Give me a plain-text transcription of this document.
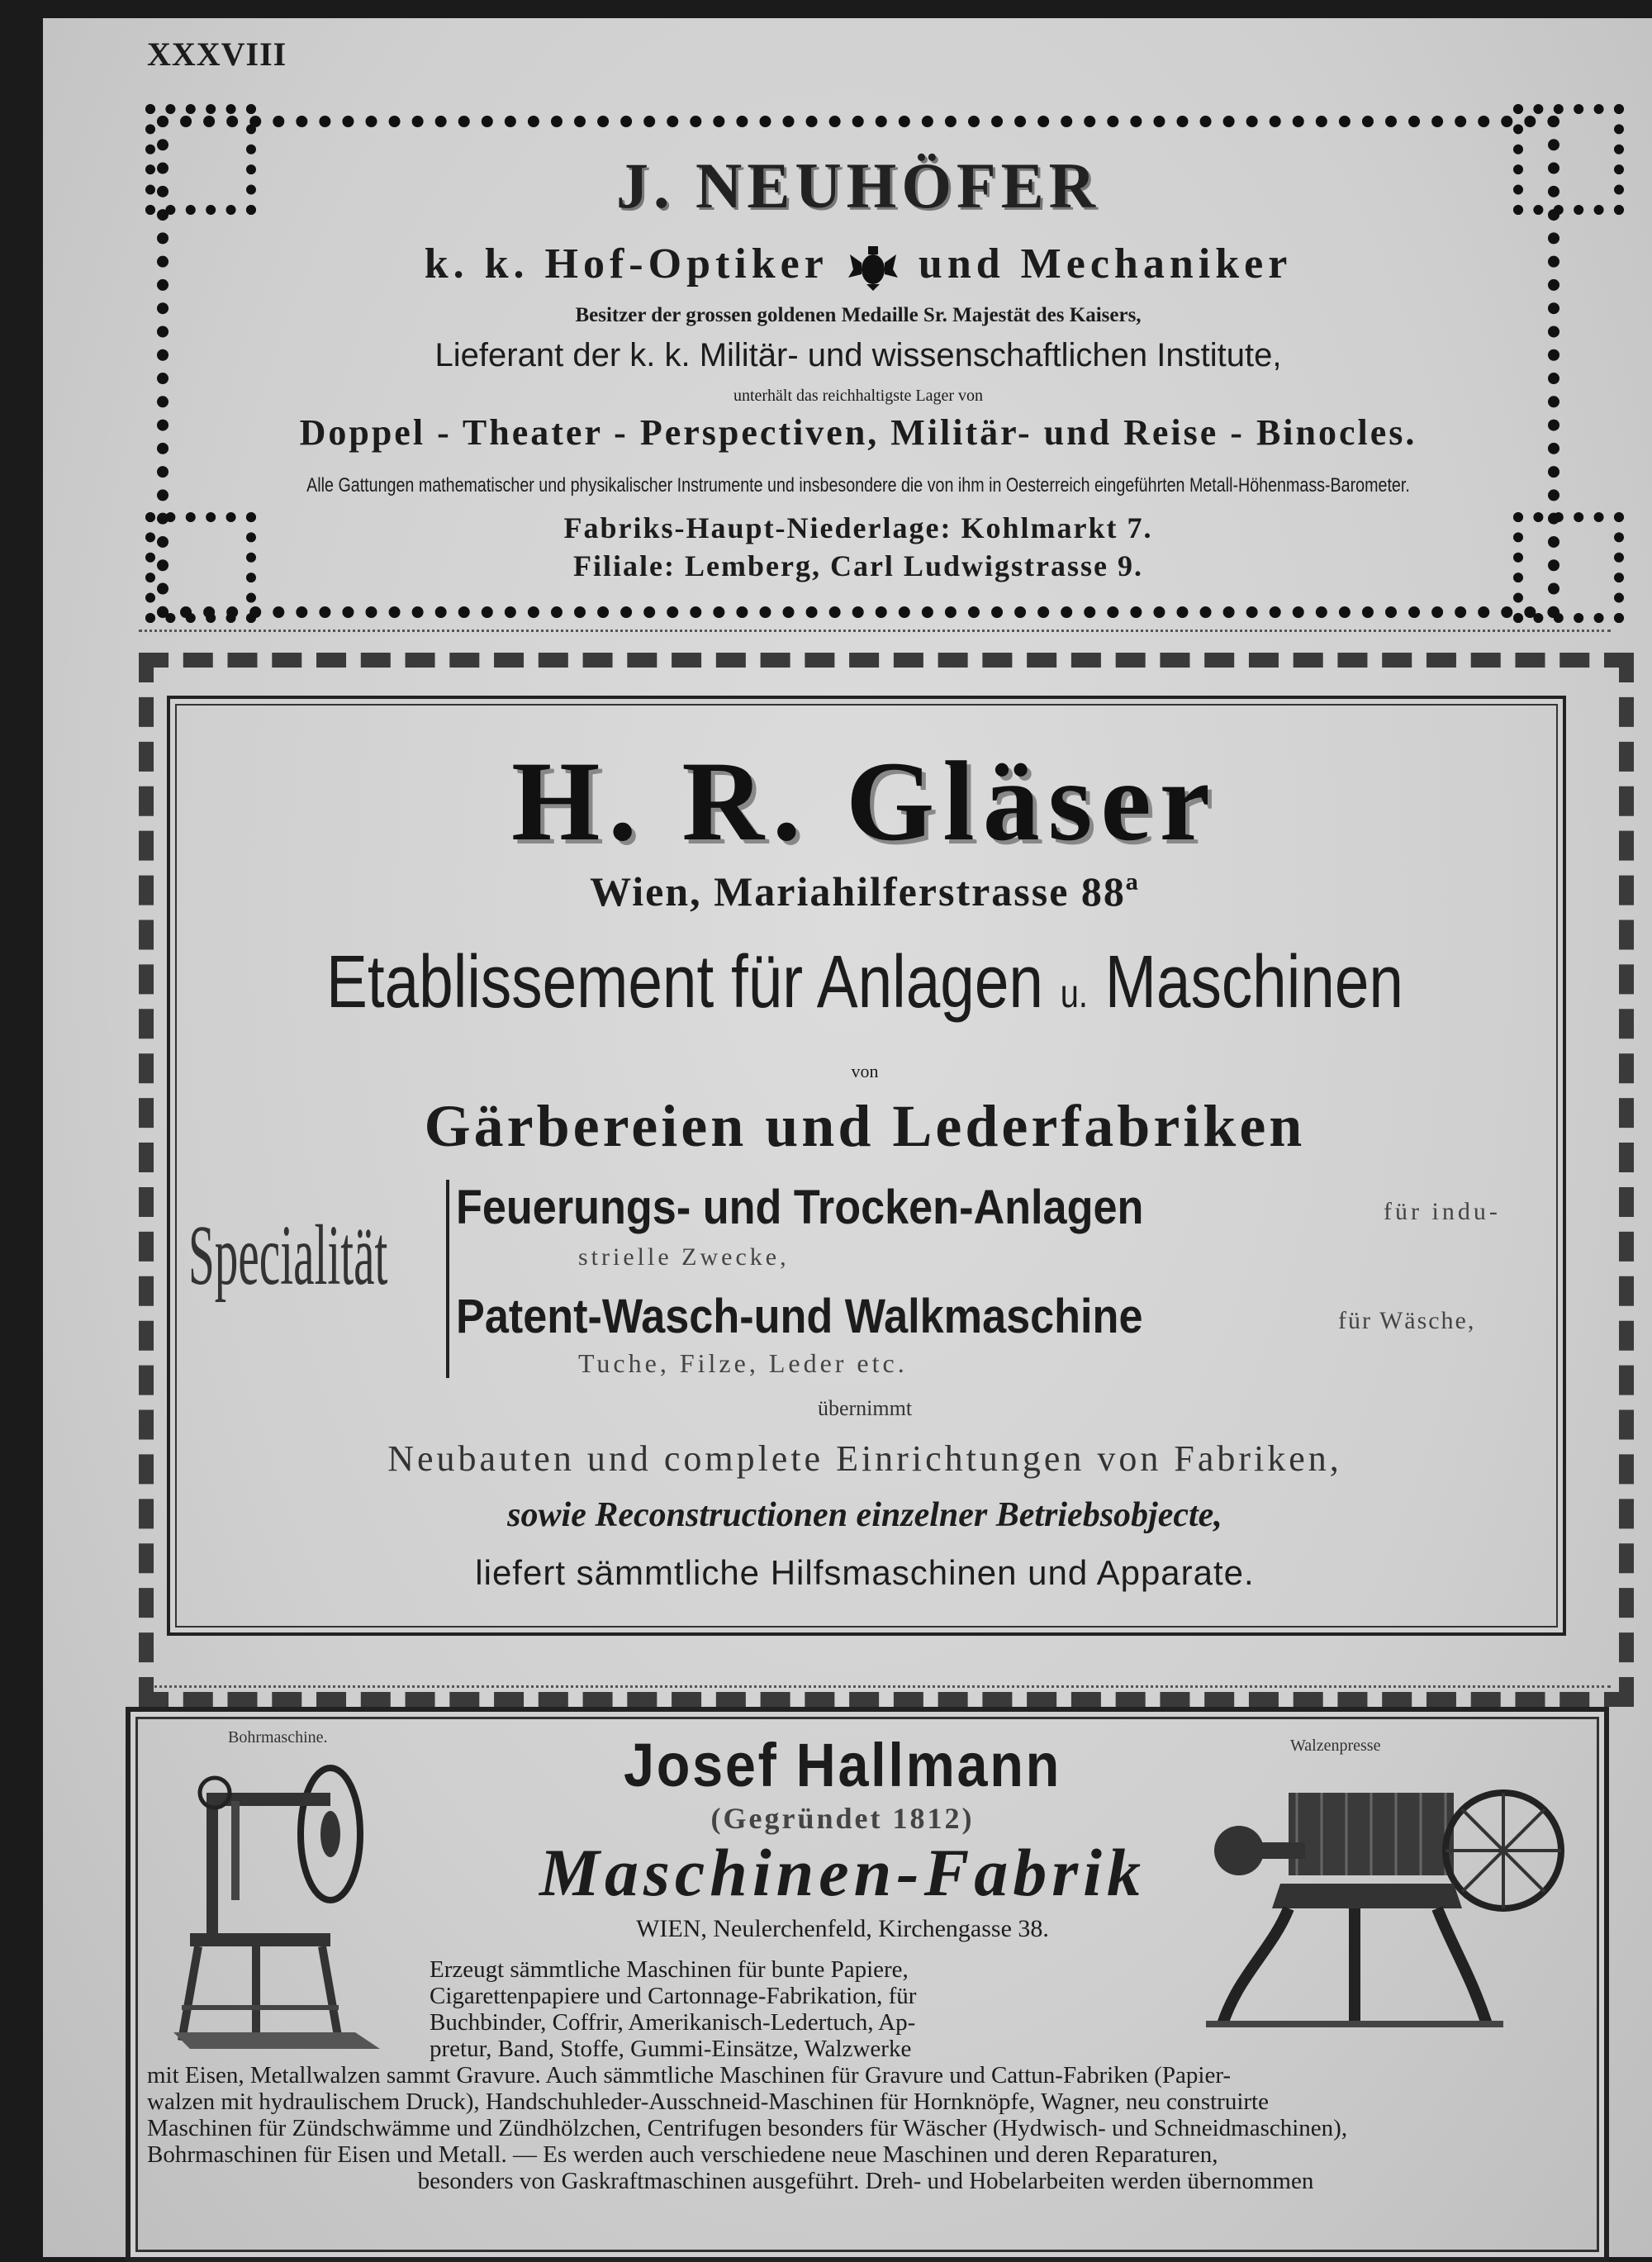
XXXVIII
J. NEUHÖFER
k. k. Hof-Optiker und Mechaniker
Besitzer der grossen goldenen Medaille Sr. Majestät des Kaisers,
Lieferant der k. k. Militär- und wissenschaftlichen Institute,
unterhält das reichhaltigste Lager von
Doppel - Theater - Perspectiven, Militär- und Reise - Binocles.
Alle Gattungen mathematischer und physikalischer Instrumente und insbesondere die von ihm in Oesterreich eingeführten Metall-Höhenmass-Barometer.
Fabriks-Haupt-Niederlage: Kohlmarkt 7.
Filiale: Lemberg, Carl Ludwigstrasse 9.
H. R. Gläser
Wien, Mariahilferstrasse 88ª
Etablissement für Anlagen u. Maschinen
von
Gärbereien und Lederfabriken
Specialität
Feuerungs- und Trocken-Anlagen	für indu-
strielle Zwecke,
Patent-Wasch-und Walkmaschine	für Wäsche,
Tuche, Filze, Leder etc.
übernimmt
Neubauten und complete Einrichtungen von Fabriken,
sowie Reconstructionen einzelner Betriebsobjecte,
liefert sämmtliche Hilfsmaschinen und Apparate.
Bohrmaschine.	Walzenpresse
Josef Hallmann
(Gegründet 1812)
Maschinen-Fabrik
WIEN, Neulerchenfeld, Kirchengasse 38.
Erzeugt sämmtliche Maschinen für bunte Papiere,
Cigarettenpapiere und Cartonnage-Fabrikation, für
Buchbinder, Coffrir, Amerikanisch-Ledertuch, Ap-
pretur, Band, Stoffe, Gummi-Einsätze, Walzwerke
mit Eisen, Metallwalzen sammt Gravure. Auch sämmtliche Maschinen für Gravure und Cattun-Fabriken (Papier-
walzen mit hydraulischem Druck), Handschuhleder-Ausschneid-Maschinen für Hornknöpfe, Wagner, neu construirte
Maschinen für Zündschwämme und Zündhölzchen, Centrifugen besonders für Wäscher (Hydwisch- und Schneidmaschinen),
Bohrmaschinen für Eisen und Metall. — Es werden auch verschiedene neue Maschinen und deren Reparaturen,
besonders von Gaskraftmaschinen ausgeführt. Dreh- und Hobelarbeiten werden übernommen
